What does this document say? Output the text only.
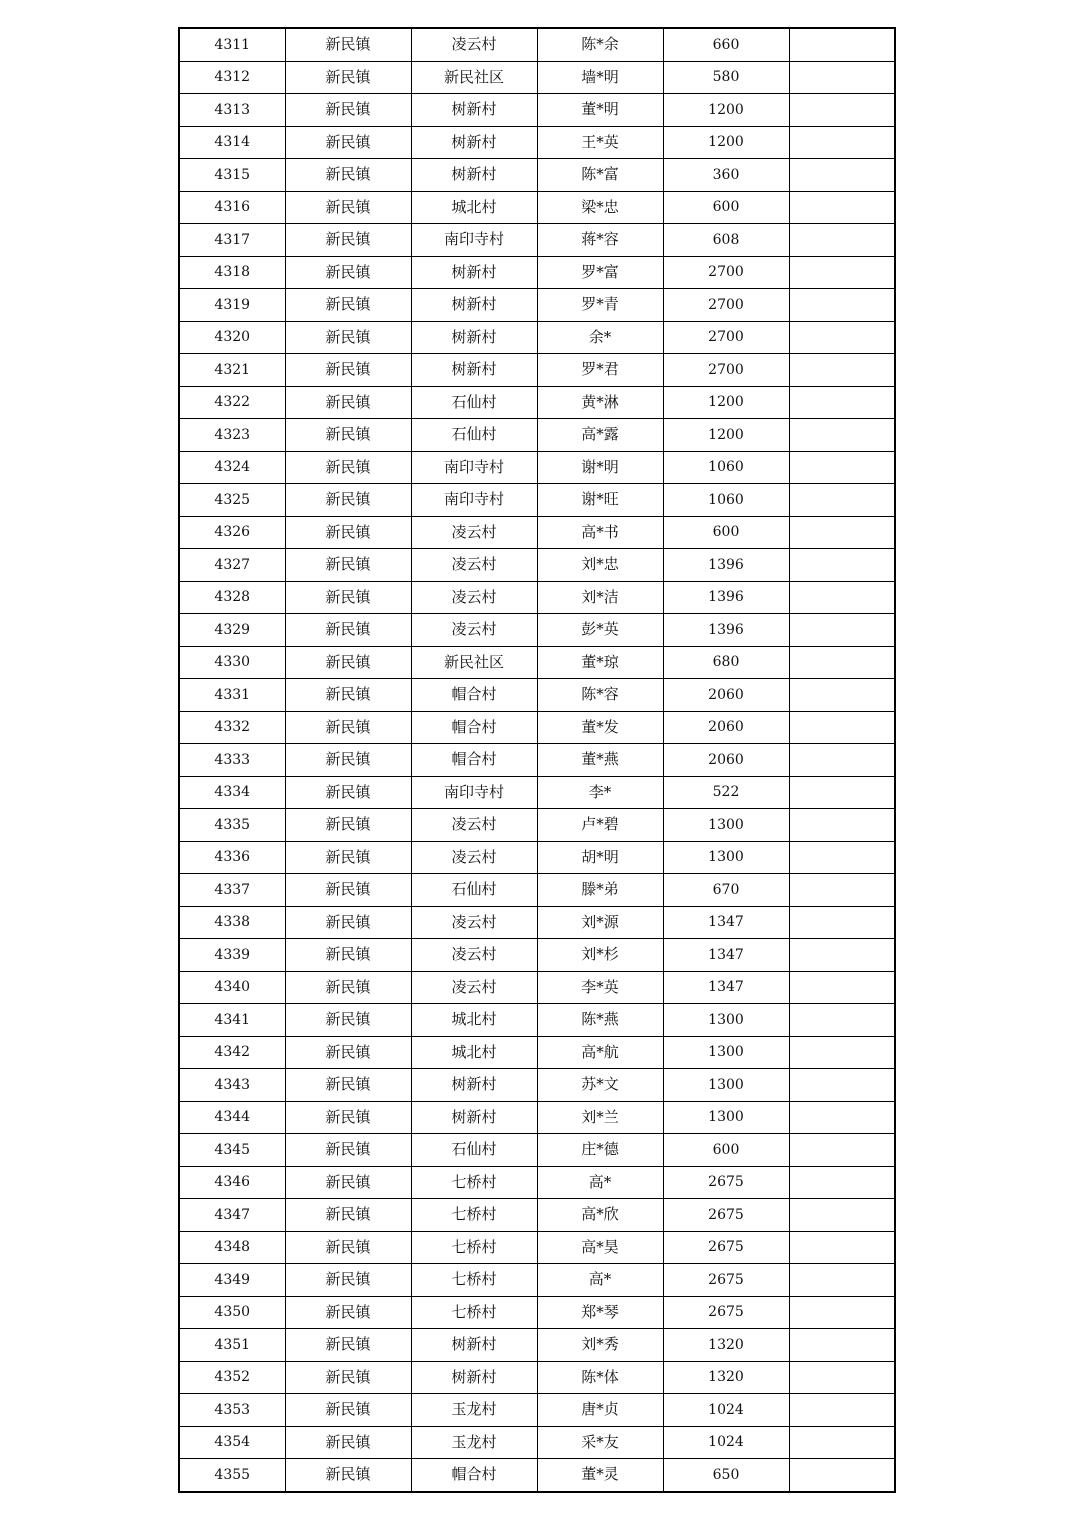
4311	新民镇	凌云村	陈*余	660	
4312	新民镇	新民社区	墙*明	580	
4313	新民镇	树新村	董*明	1200	
4314	新民镇	树新村	王*英	1200	
4315	新民镇	树新村	陈*富	360	
4316	新民镇	城北村	梁*忠	600	
4317	新民镇	南印寺村	蒋*容	608	
4318	新民镇	树新村	罗*富	2700	
4319	新民镇	树新村	罗*青	2700	
4320	新民镇	树新村	余*	2700	
4321	新民镇	树新村	罗*君	2700	
4322	新民镇	石仙村	黄*淋	1200	
4323	新民镇	石仙村	高*露	1200	
4324	新民镇	南印寺村	谢*明	1060	
4325	新民镇	南印寺村	谢*旺	1060	
4326	新民镇	凌云村	高*书	600	
4327	新民镇	凌云村	刘*忠	1396	
4328	新民镇	凌云村	刘*洁	1396	
4329	新民镇	凌云村	彭*英	1396	
4330	新民镇	新民社区	董*琼	680	
4331	新民镇	帽合村	陈*容	2060	
4332	新民镇	帽合村	董*发	2060	
4333	新民镇	帽合村	董*燕	2060	
4334	新民镇	南印寺村	李*	522	
4335	新民镇	凌云村	卢*碧	1300	
4336	新民镇	凌云村	胡*明	1300	
4337	新民镇	石仙村	滕*弟	670	
4338	新民镇	凌云村	刘*源	1347	
4339	新民镇	凌云村	刘*杉	1347	
4340	新民镇	凌云村	李*英	1347	
4341	新民镇	城北村	陈*燕	1300	
4342	新民镇	城北村	高*航	1300	
4343	新民镇	树新村	苏*文	1300	
4344	新民镇	树新村	刘*兰	1300	
4345	新民镇	石仙村	庄*德	600	
4346	新民镇	七桥村	高*	2675	
4347	新民镇	七桥村	高*欣	2675	
4348	新民镇	七桥村	高*昊	2675	
4349	新民镇	七桥村	高*	2675	
4350	新民镇	七桥村	郑*琴	2675	
4351	新民镇	树新村	刘*秀	1320	
4352	新民镇	树新村	陈*体	1320	
4353	新民镇	玉龙村	唐*贞	1024	
4354	新民镇	玉龙村	采*友	1024	
4355	新民镇	帽合村	董*灵	650	
